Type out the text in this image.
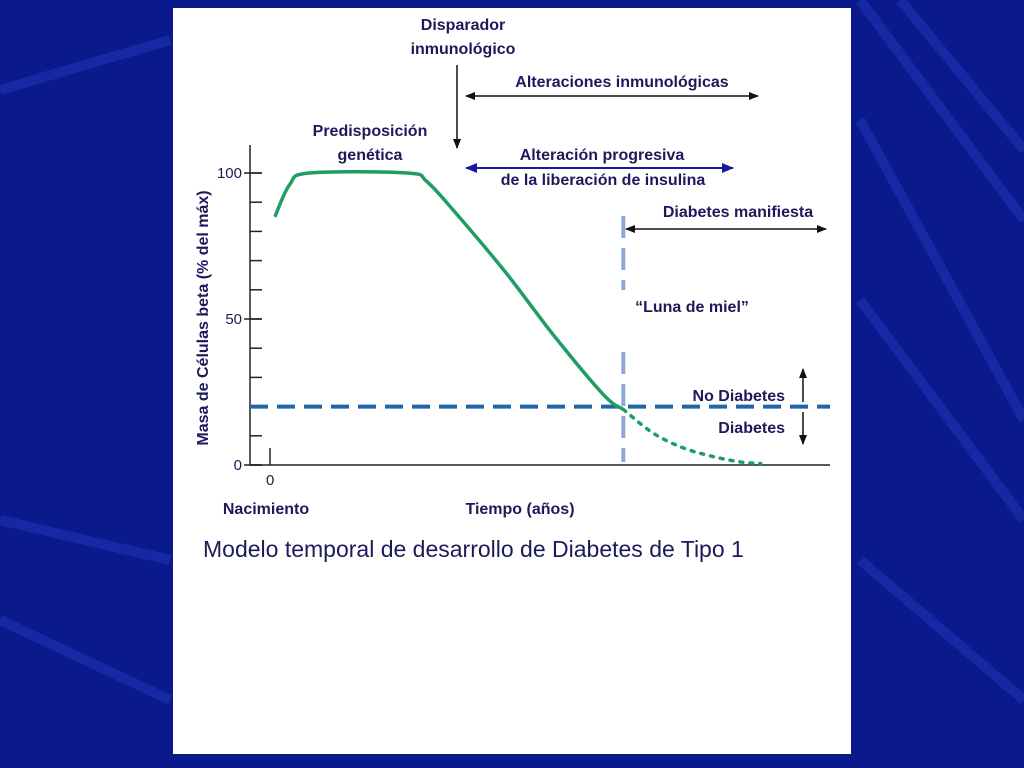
0
50
100
0
Masa de Células beta (% del máx)
Disparador
inmunológico
Alteraciones inmunológicas
Predisposición
genética	Alteración progresiva
de la liberación de insulina
Diabetes manifiesta
“Luna de miel”
No Diabetes
Diabetes
Nacimiento	Tiempo (años)
Modelo temporal de desarrollo de Diabetes de Tipo 1
